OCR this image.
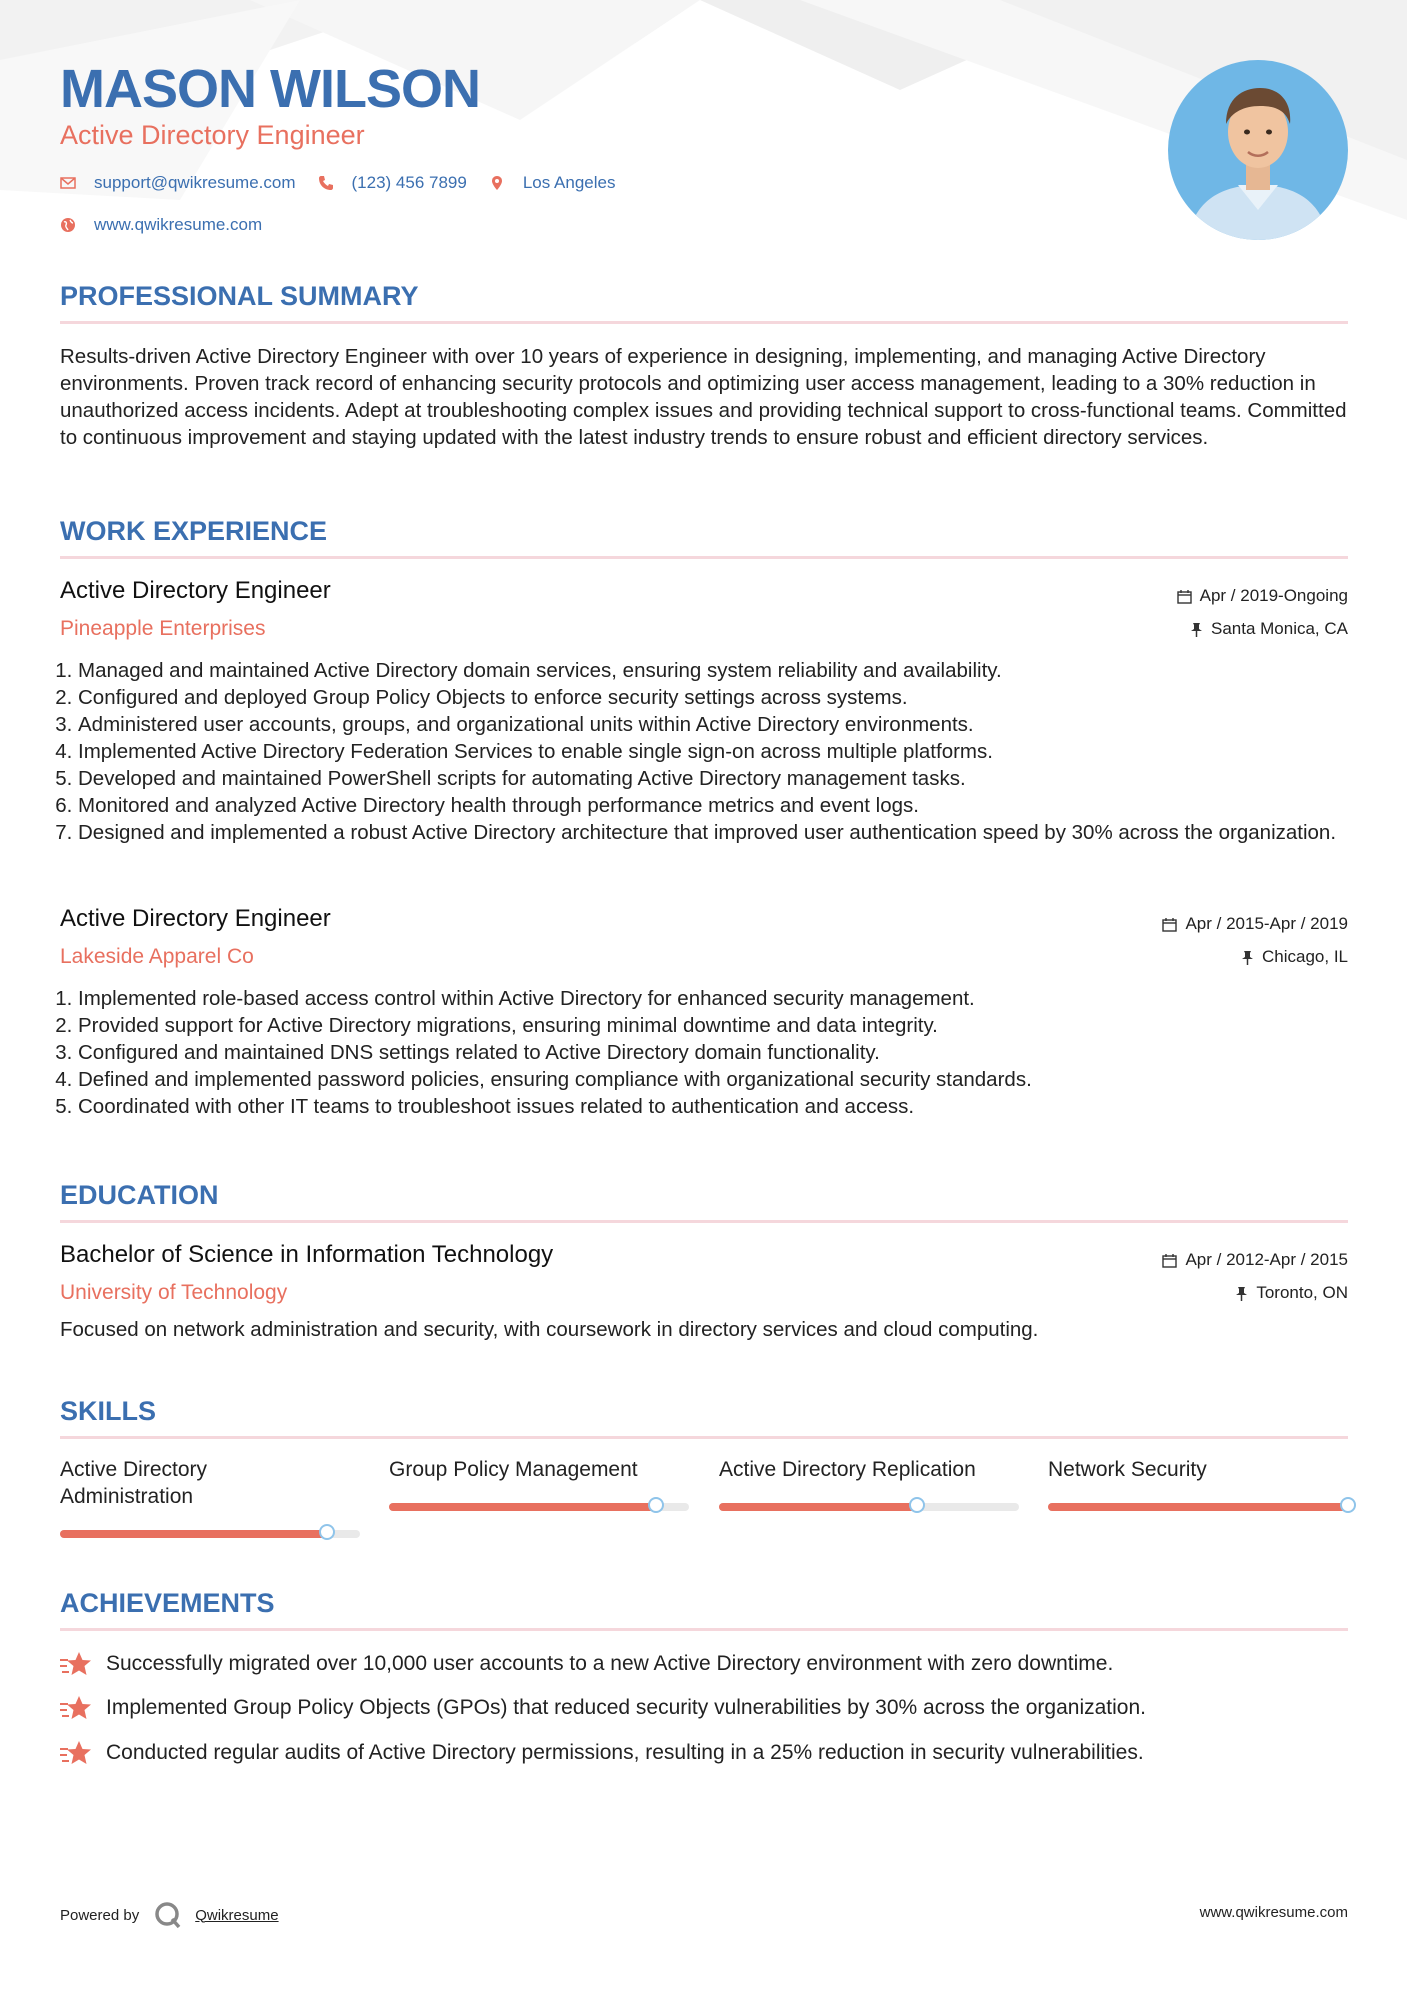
MASON WILSON
Active Directory Engineer
support@qwikresume.com	(123) 456 7899	Los Angeles
www.qwikresume.com
PROFESSIONAL SUMMARY
Results-driven Active Directory Engineer with over 10 years of experience in designing, implementing, and managing Active Directory environments. Proven track record of enhancing security protocols and optimizing user access management, leading to a 30% reduction in unauthorized access incidents. Adept at troubleshooting complex issues and providing technical support to cross-functional teams. Committed to continuous improvement and staying updated with the latest industry trends to ensure robust and efficient directory services.
WORK EXPERIENCE
Active Directory Engineer
Pineapple Enterprises
Apr / 2019-Ongoing
Santa Monica, CA
1. Managed and maintained Active Directory domain services, ensuring system reliability and availability.
2. Configured and deployed Group Policy Objects to enforce security settings across systems.
3. Administered user accounts, groups, and organizational units within Active Directory environments.
4. Implemented Active Directory Federation Services to enable single sign-on across multiple platforms.
5. Developed and maintained PowerShell scripts for automating Active Directory management tasks.
6. Monitored and analyzed Active Directory health through performance metrics and event logs.
7. Designed and implemented a robust Active Directory architecture that improved user authentication speed by 30% across the organization.
Active Directory Engineer
Lakeside Apparel Co
Apr / 2015-Apr / 2019
Chicago, IL
1. Implemented role-based access control within Active Directory for enhanced security management.
2. Provided support for Active Directory migrations, ensuring minimal downtime and data integrity.
3. Configured and maintained DNS settings related to Active Directory domain functionality.
4. Defined and implemented password policies, ensuring compliance with organizational security standards.
5. Coordinated with other IT teams to troubleshoot issues related to authentication and access.
EDUCATION
Bachelor of Science in Information Technology
University of Technology
Apr / 2012-Apr / 2015
Toronto, ON
Focused on network administration and security, with coursework in directory services and cloud computing.
SKILLS
Active Directory Administration
Group Policy Management	Active Directory Replication	Network Security
ACHIEVEMENTS
Successfully migrated over 10,000 user accounts to a new Active Directory environment with zero downtime.
Implemented Group Policy Objects (GPOs) that reduced security vulnerabilities by 30% across the organization.
Conducted regular audits of Active Directory permissions, resulting in a 25% reduction in security vulnerabilities.
Powered by	Qwikresume	www.qwikresume.com
